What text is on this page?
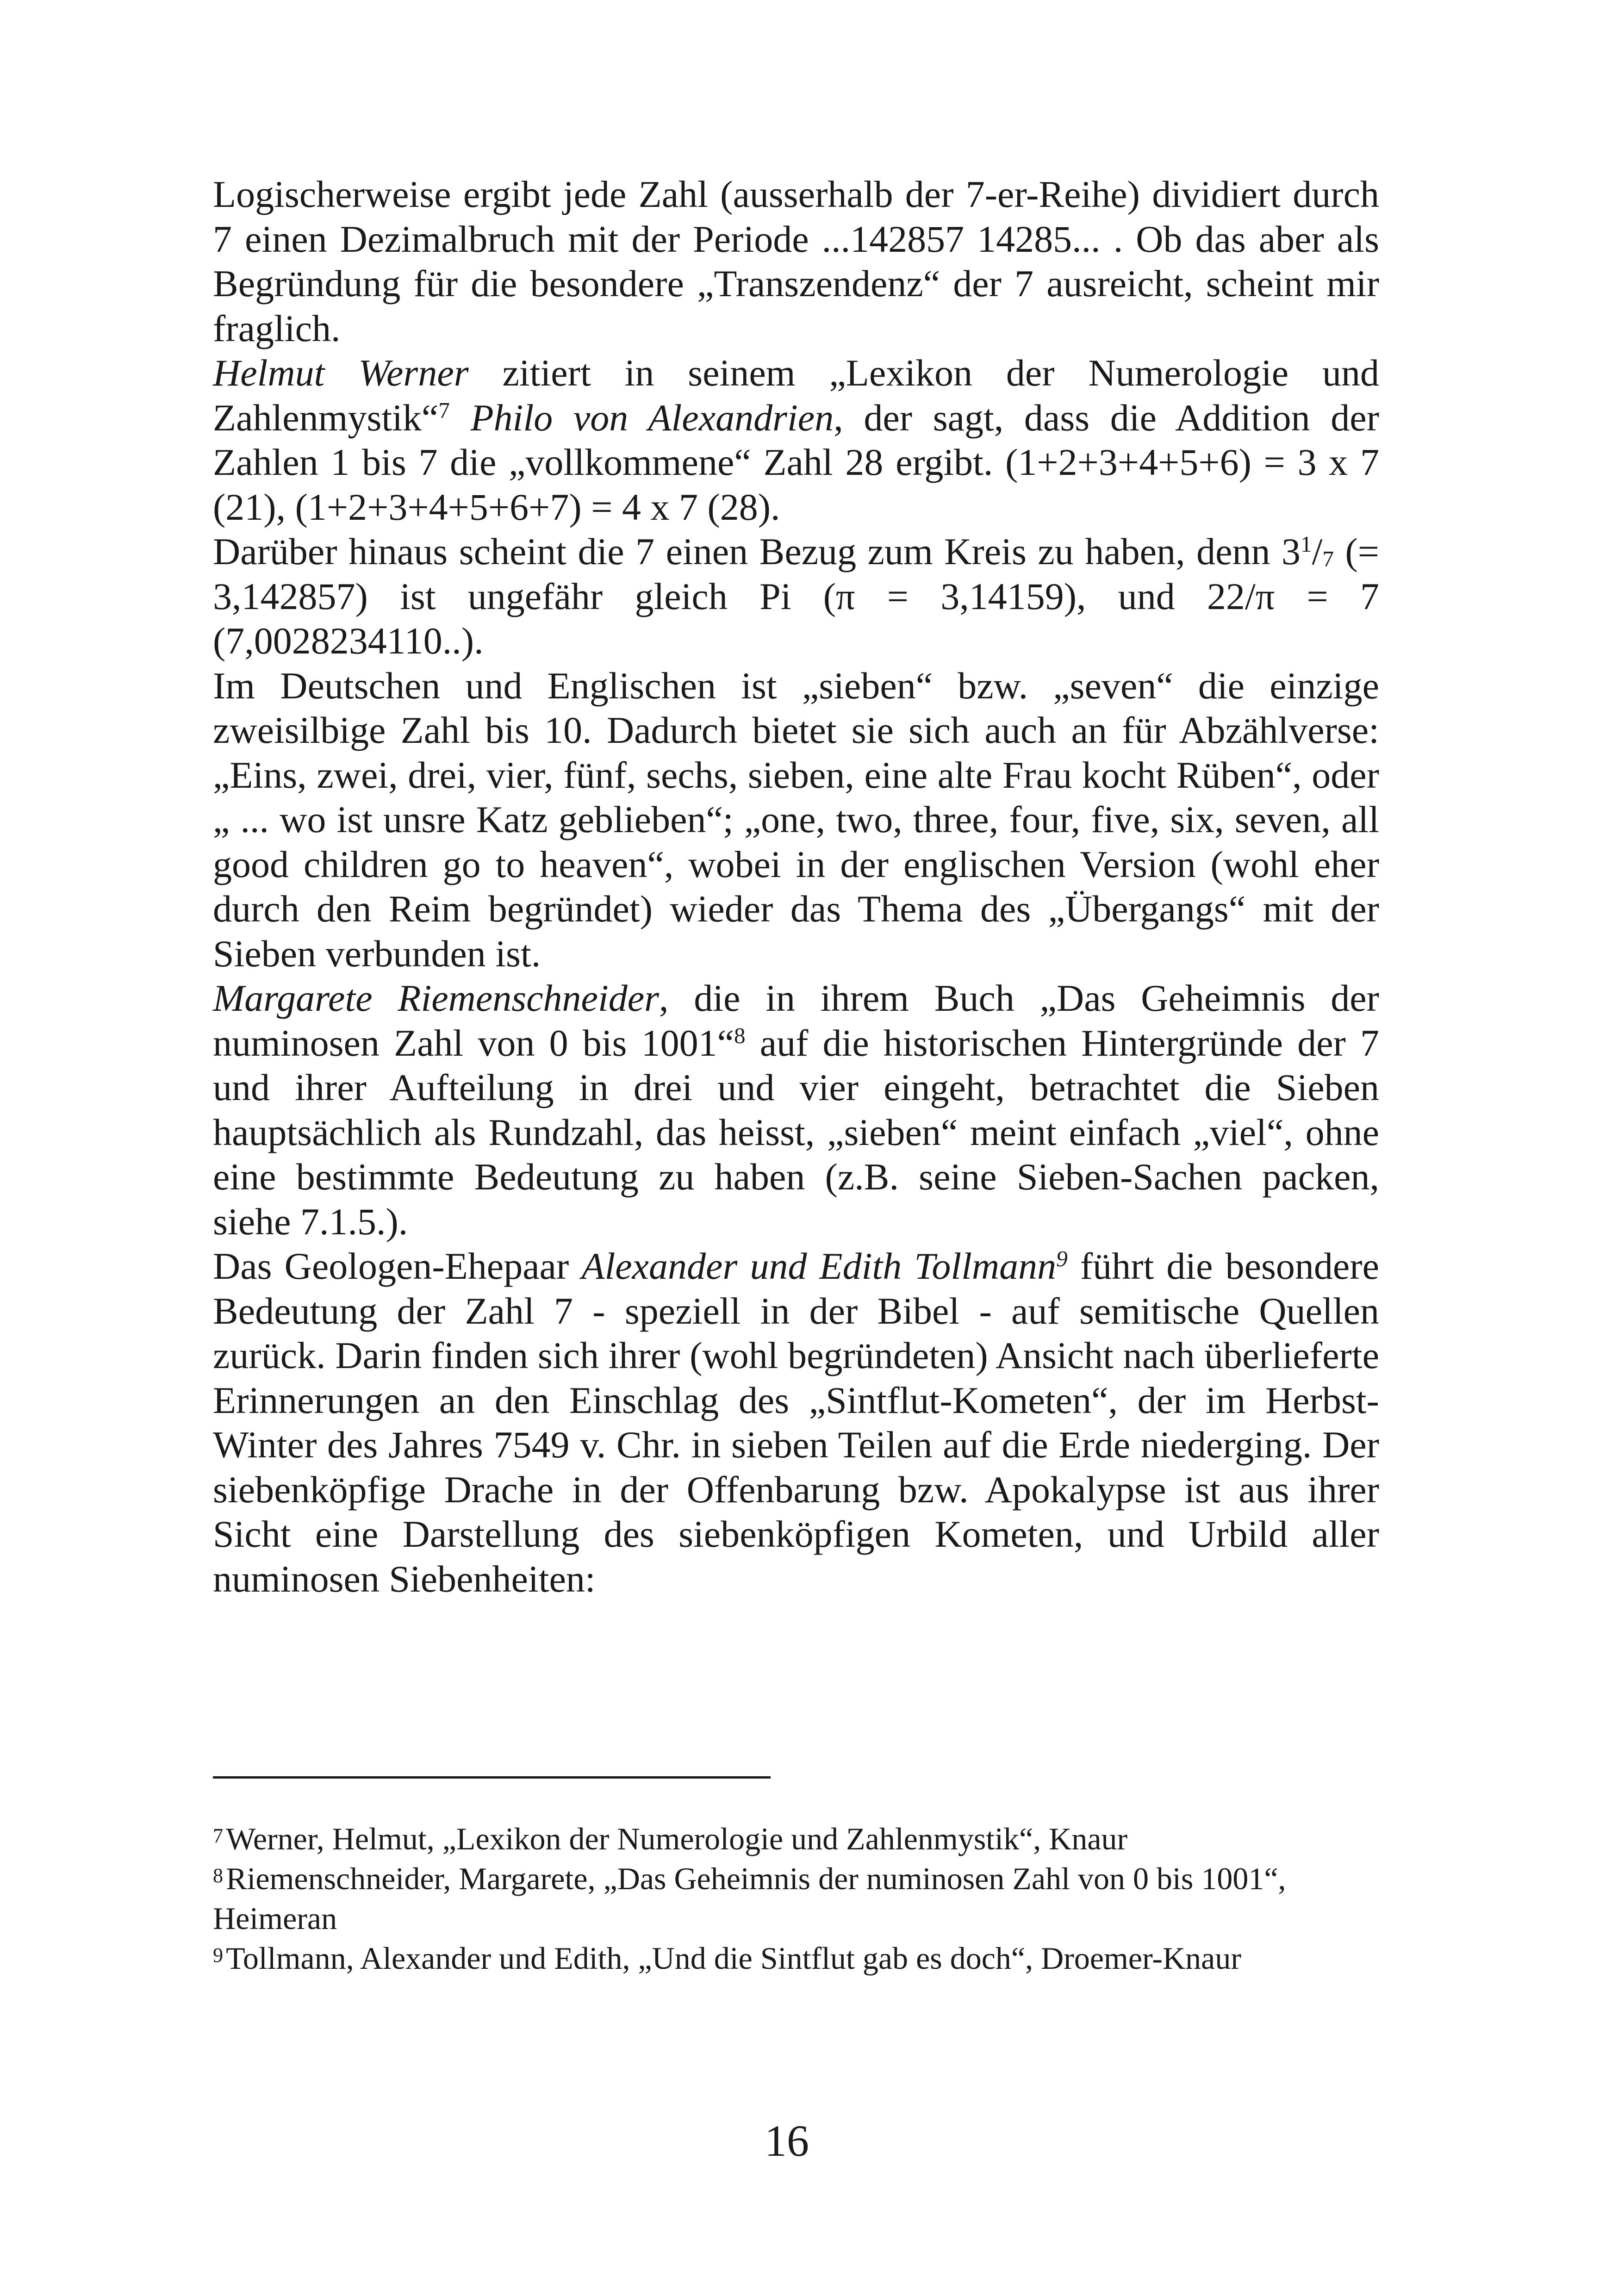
Logischerweise ergibt jede Zahl (ausserhalb der 7-er-Reihe) dividiert durch 7 einen Dezimalbruch mit der Periode ...142857 14285... . Ob das aber als Begründung für die besondere „Transzendenz“ der 7 ausreicht, scheint mir fraglich.

Helmut Werner zitiert in seinem „Lexikon der Numerologie und Zahlenmystik“$^7$ Philo von Alexandrien, der sagt, dass die Addition der Zahlen 1 bis 7 die „vollkommene“ Zahl 28 ergibt. (1+2+3+4+5+6) = 3 x 7 (21), (1+2+3+4+5+6+7) = 4 x 7 (28).

Darüber hinaus scheint die 7 einen Bezug zum Kreis zu haben, denn $3^1/7$ (= 3,142857) ist ungefähr gleich Pi (π = 3,14159), und 22/π = 7 (7,0028234110..).

Im Deutschen und Englischen ist „sieben“ bzw. „seven“ die einzige zweisilbige Zahl bis 10. Dadurch bietet sie sich auch an für Abzählverse: „Eins, zwei, drei, vier, fünf, sechs, sieben, eine alte Frau kocht Rüben“, oder „ ... wo ist unsre Katz geblieben“; „one, two, three, four, five, six, seven, all good children go to heaven“, wobei in der englischen Version (wohl eher durch den Reim begründet) wieder das Thema des „Übergangs“ mit der Sieben verbunden ist.

Margarete Riemenschneider, die in ihrem Buch „Das Geheimnis der numinosen Zahl von 0 bis 1001“$^8$ auf die historischen Hintergründe der 7 und ihrer Aufteilung in drei und vier eingeht, betrachtet die Sieben hauptsächlich als Rundzahl, das heisst, „sieben“ meint einfach „viel“, ohne eine bestimmte Bedeutung zu haben (z.B. seine Sieben-Sachen packen, siehe 7.1.5.).

Das Geologen-Ehepaar Alexander und Edith Tollmann$^9$ führt die besondere Bedeutung der Zahl 7 - speziell in der Bibel - auf semitische Quellen zurück. Darin finden sich ihrer (wohl begründeten) Ansicht nach überlieferte Erinnerungen an den Einschlag des „Sintflut-Kometen“, der im Herbst-Winter des Jahres 7549 v. Chr. in sieben Teilen auf die Erde niederging. Der siebenköpfige Drache in der Offenbarung bzw. Apokalypse ist aus ihrer Sicht eine Darstellung des siebenköpfigen Kometen, und Urbild aller numinosen Siebenheiten:

$^7$Werner, Helmut, „Lexikon der Numerologie und Zahlenmystik“, Knaur

$^8$Riemenschneider, Margarete, „Das Geheimnis der numinosen Zahl von 0 bis 1001“, Heimeran

$^9$Tollmann, Alexander und Edith, „Und die Sintflut gab es doch“, Droemer-Knaur

16
